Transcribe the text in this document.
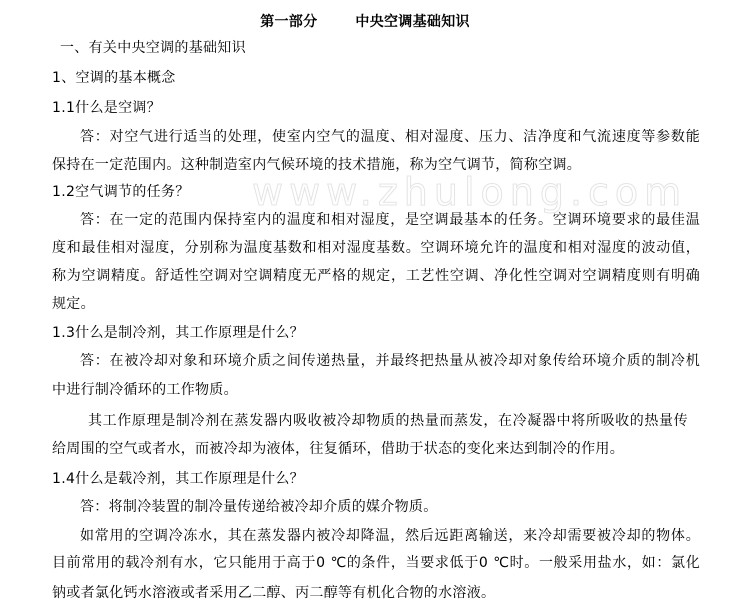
www.zhulong.com
第一部分	中央空调基础知识
一、有关中央空调的基础知识
1、空调的基本概念
1.1什么是空调？
答：对空气进行适当的处理，使室内空气的温度、相对湿度、压力、洁净度和气流速度等参数能
保持在一定范围内。这种制造室内气候环境的技术措施，称为空气调节，简称空调。
1.2空气调节的任务？
答：在一定的范围内保持室内的温度和相对湿度，是空调最基本的任务。空调环境要求的最佳温
度和最佳相对湿度，分别称为温度基数和相对湿度基数。空调环境允许的温度和相对湿度的波动值，
称为空调精度。舒适性空调对空调精度无严格的规定，工艺性空调、净化性空调对空调精度则有明确
规定。
1.3什么是制冷剂，其工作原理是什么？
答：在被冷却对象和环境介质之间传递热量，并最终把热量从被冷却对象传给环境介质的制冷机
中进行制冷循环的工作物质。
其工作原理是制冷剂在蒸发器内吸收被冷却物质的热量而蒸发，在冷凝器中将所吸收的热量传
给周围的空气或者水，而被冷却为液体，往复循环，借助于状态的变化来达到制冷的作用。
1.4什么是载冷剂，其工作原理是什么？
答：将制冷装置的制冷量传递给被冷却介质的媒介物质。
如常用的空调冷冻水，其在蒸发器内被冷却降温，然后远距离输送，来冷却需要被冷却的物体。
目前常用的载冷剂有水，它只能用于高于0 ℃的条件，当要求低于0 ℃时。一般采用盐水，如：氯化
钠或者氯化钙水溶液或者采用乙二醇、丙二醇等有机化合物的水溶液。
